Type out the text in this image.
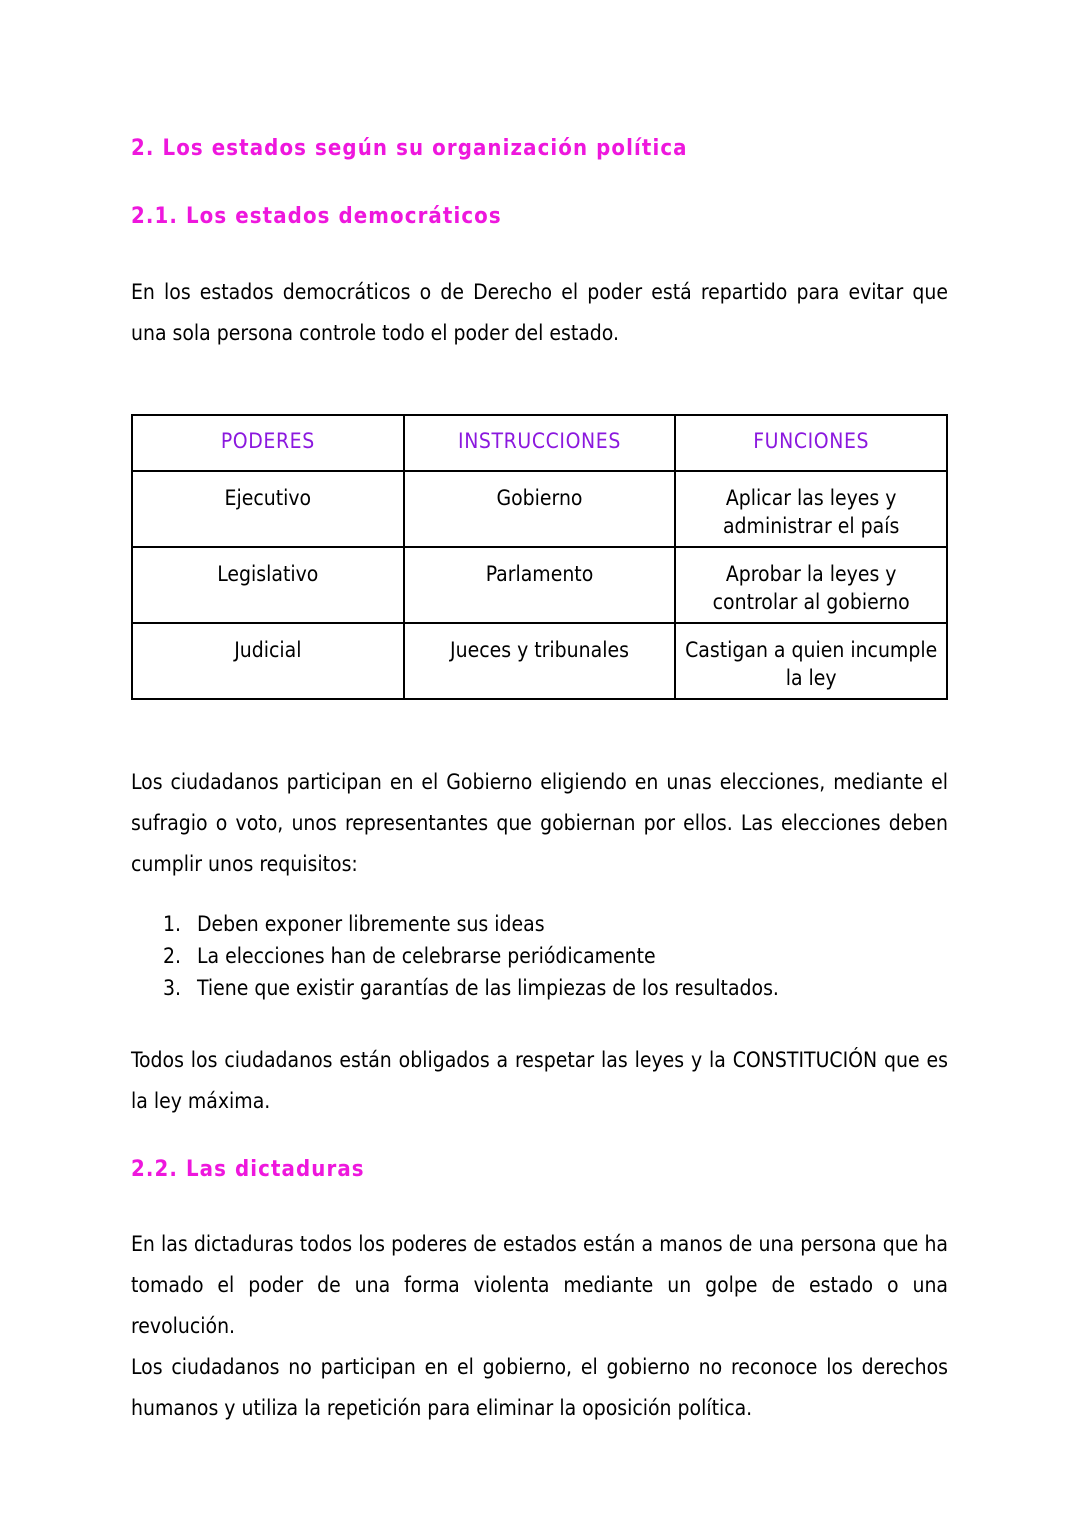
2. Los estados según su organización política
2.1. Los estados democráticos

En los estados democráticos o de Derecho el poder está repartido para evitar que una sola persona controle todo el poder del estado.

PODERES	INSTRUCCIONES	FUNCIONES
Ejecutivo	Gobierno	Aplicar las leyes y administrar el país
Legislativo	Parlamento	Aprobar la leyes y controlar al gobierno
Judicial	Jueces y tribunales	Castigan a quien incumple la ley

Los ciudadanos participan en el Gobierno eligiendo en unas elecciones, mediante el sufragio o voto, unos representantes que gobiernan por ellos. Las elecciones deben cumplir unos requisitos:

1. Deben exponer libremente sus ideas
2. La elecciones han de celebrarse periódicamente
3. Tiene que existir garantías de las limpiezas de los resultados.

Todos los ciudadanos están obligados a respetar las leyes y la CONSTITUCIÓN que es la ley máxima.

2.2. Las dictaduras

En las dictaduras todos los poderes de estados están a manos de una persona que ha tomado el poder de una forma violenta mediante un golpe de estado o una revolución.

Los ciudadanos no participan en el gobierno, el gobierno no reconoce los derechos humanos y utiliza la repetición para eliminar la oposición política.
